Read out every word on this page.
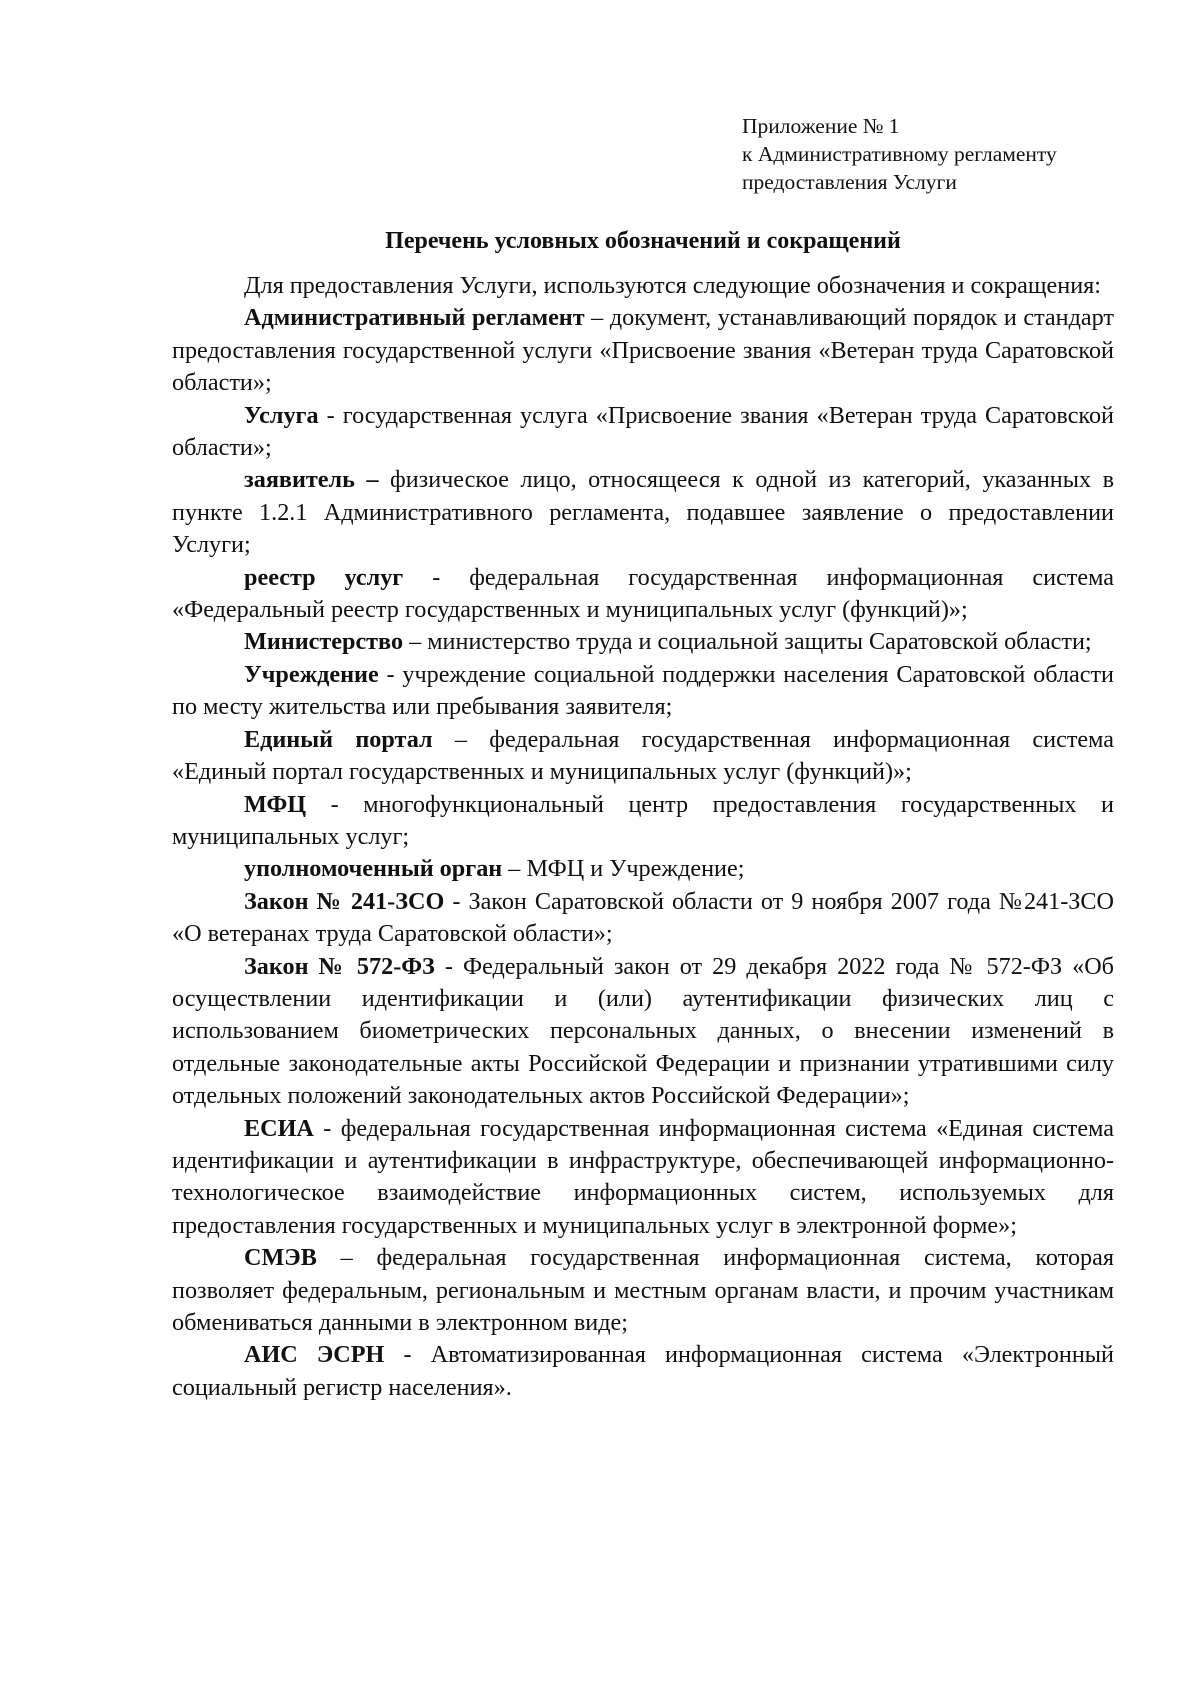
Приложение № 1
к Административному регламенту
предоставления Услуги
Перечень условных обозначений и сокращений

Для предоставления Услуги, используются следующие обозначения и сокращения:

Административный регламент – документ, устанавливающий порядок и стандарт предоставления государственной услуги «Присвоение звания «Ветеран труда Саратовской области»;

Услуга - государственная услуга «Присвоение звания «Ветеран труда Саратовской области»;

заявитель – физическое лицо, относящееся к одной из категорий, указанных в пункте 1.2.1 Административного регламента, подавшее заявление о предоставлении Услуги;

реестр услуг - федеральная государственная информационная система «Федеральный реестр государственных и муниципальных услуг (функций)»;

Министерство – министерство труда и социальной защиты Саратовской области;

Учреждение - учреждение социальной поддержки населения Саратовской области по месту жительства или пребывания заявителя;

Единый портал – федеральная государственная информационная система «Единый портал государственных и муниципальных услуг (функций)»;

МФЦ - многофункциональный центр предоставления государственных и муниципальных услуг;

уполномоченный орган – МФЦ и Учреждение;

Закон № 241-ЗСО - Закон Саратовской области от 9 ноября 2007 года №241-ЗСО «О ветеранах труда Саратовской области»;

Закон № 572-ФЗ - Федеральный закон от 29 декабря 2022 года № 572-ФЗ «Об осуществлении идентификации и (или) аутентификации физических лиц с использованием биометрических персональных данных, о внесении изменений в отдельные законодательные акты Российской Федерации и признании утратившими силу отдельных положений законодательных актов Российской Федерации»;

ЕСИА - федеральная государственная информационная система «Единая система идентификации и аутентификации в инфраструктуре, обеспечивающей информационно-технологическое взаимодействие информационных систем, используемых для предоставления государственных и муниципальных услуг в электронной форме»;

СМЭВ – федеральная государственная информационная система, которая позволяет федеральным, региональным и местным органам власти, и прочим участникам обмениваться данными в электронном виде;

АИС ЭСРН - Автоматизированная информационная система «Электронный социальный регистр населения».
